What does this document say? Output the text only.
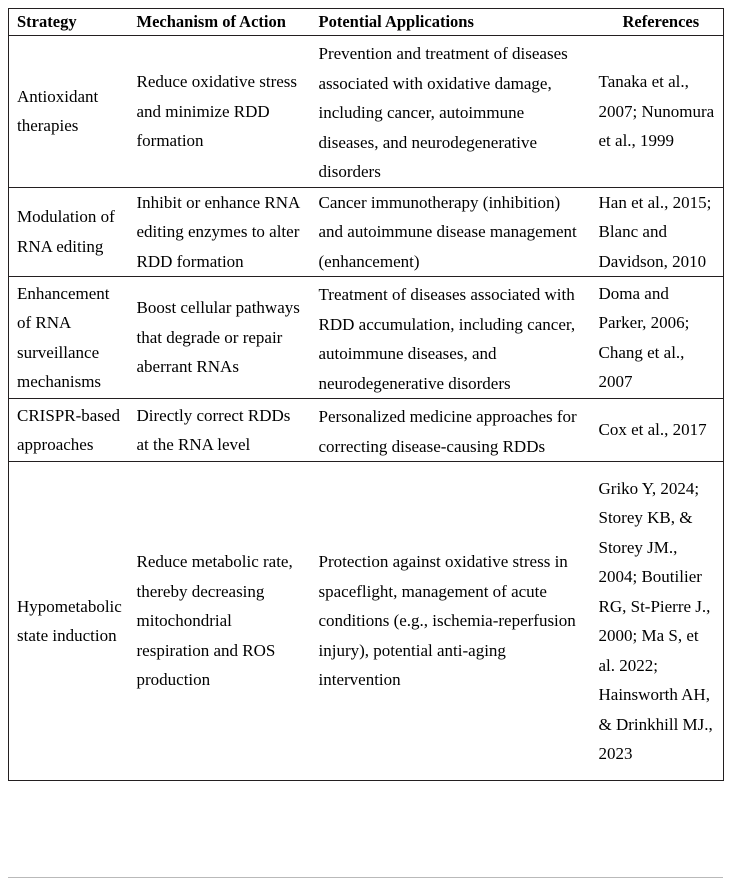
Strategy	Mechanism of Action	Potential Applications	References

Antioxidant therapies	Reduce oxidative stress and minimize RDD formation	Prevention and treatment of diseases associated with oxidative damage, including cancer, autoimmune diseases, and neurodegenerative disorders	Tanaka et al., 2007; Nunomura et al., 1999

Modulation of RNA editing	Inhibit or enhance RNA editing enzymes to alter RDD formation	Cancer immunotherapy (inhibition) and autoimmune disease management (enhancement)	Han et al., 2015; Blanc and Davidson, 2010

Enhancement of RNA surveillance mechanisms	Boost cellular pathways that degrade or repair aberrant RNAs	Treatment of diseases associated with RDD accumulation, including cancer, autoimmune diseases, and neurodegenerative disorders	Doma and Parker, 2006; Chang et al., 2007

CRISPR-based approaches	Directly correct RDDs at the RNA level	Personalized medicine approaches for correcting disease-causing RDDs	Cox et al., 2017

Hypometabolic state induction	Reduce metabolic rate, thereby decreasing mitochondrial respiration and ROS production	Protection against oxidative stress in spaceflight, management of acute conditions (e.g., ischemia-reperfusion injury), potential anti-aging intervention	Griko Y, 2024; Storey KB, & Storey JM., 2004; Boutilier RG, St-Pierre J., 2000; Ma S, et al. 2022; Hainsworth AH, & Drinkhill MJ., 2023
